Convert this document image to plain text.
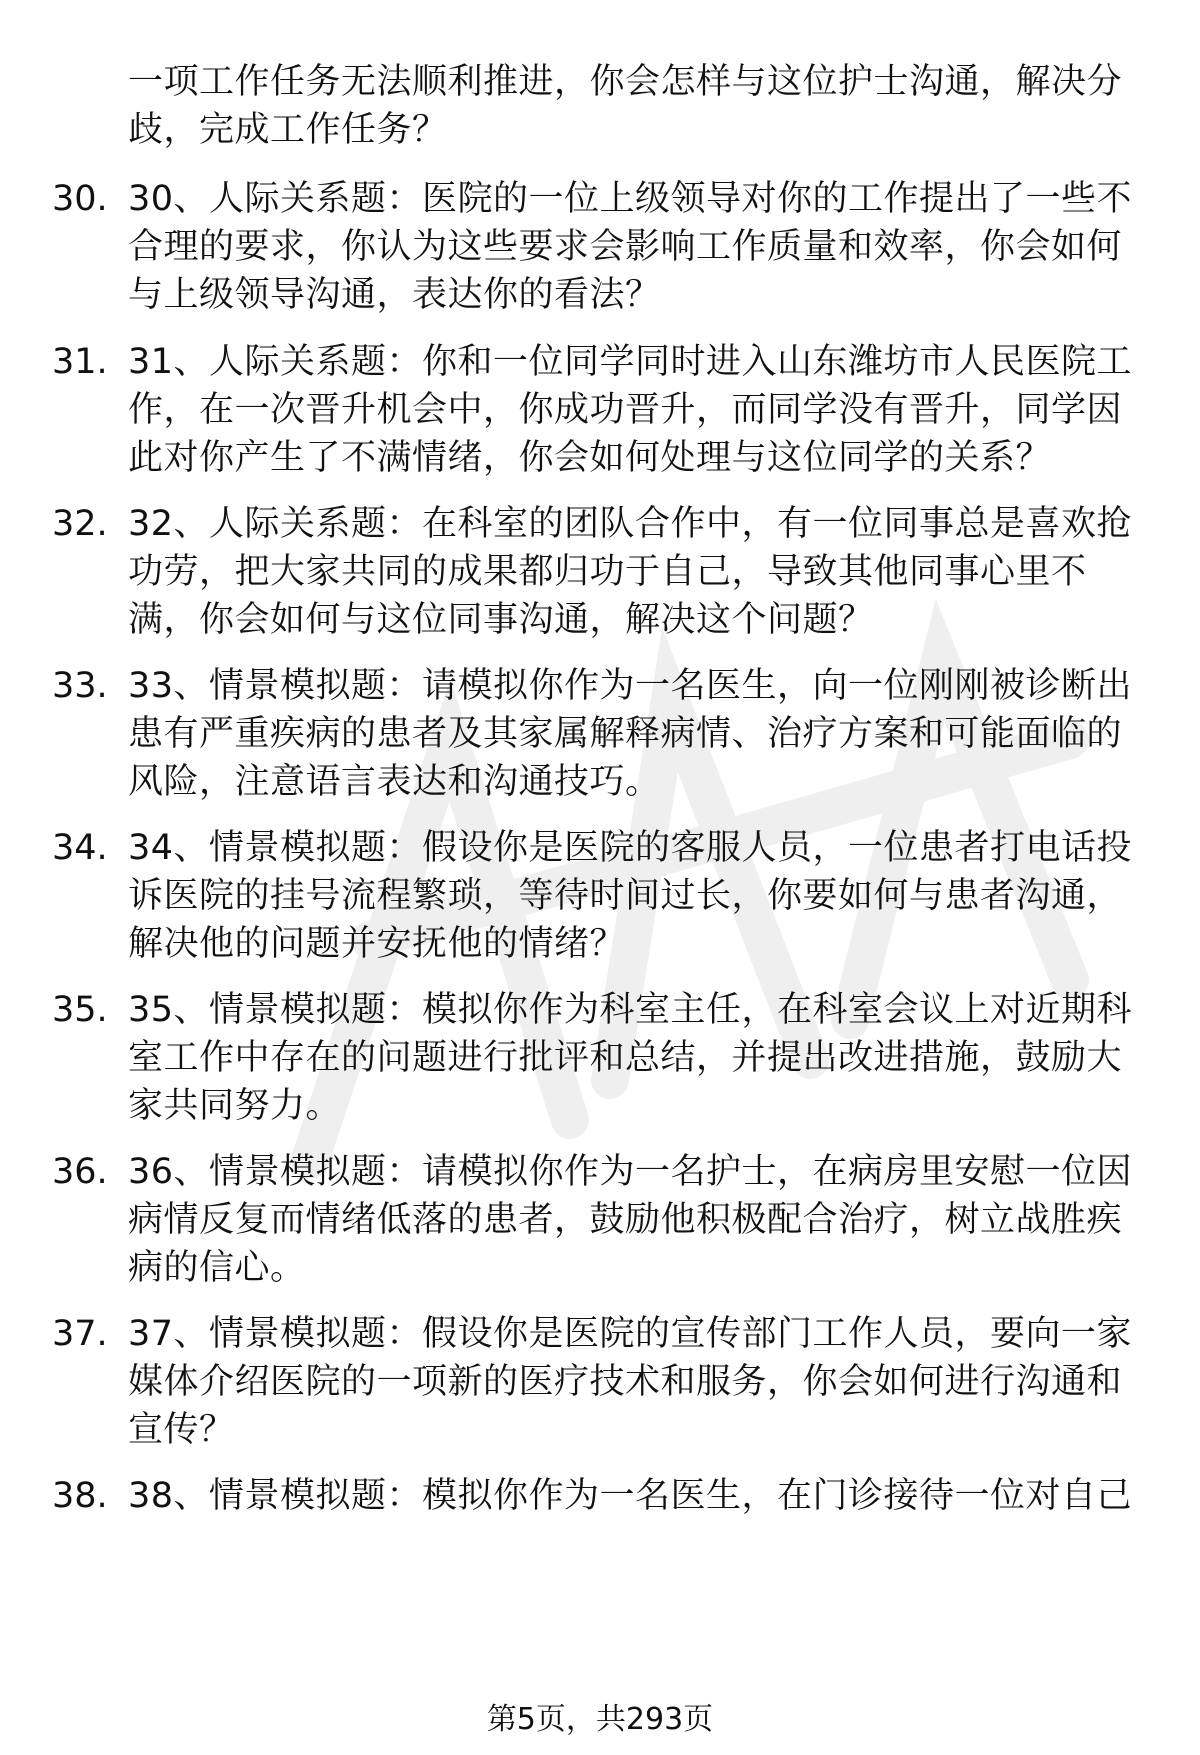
一项工作任务无法顺利推进，你会怎样与这位护士沟通，解决分歧，完成工作任务？
30. 30、人际关系题：医院的一位上级领导对你的工作提出了一些不合理的要求，你认为这些要求会影响工作质量和效率，你会如何与上级领导沟通，表达你的看法？
31. 31、人际关系题：你和一位同学同时进入山东潍坊市人民医院工作，在一次晋升机会中，你成功晋升，而同学没有晋升，同学因此对你产生了不满情绪，你会如何处理与这位同学的关系？
32. 32、人际关系题：在科室的团队合作中，有一位同事总是喜欢抢功劳，把大家共同的成果都归功于自己，导致其他同事心里不满，你会如何与这位同事沟通，解决这个问题？
33. 33、情景模拟题：请模拟你作为一名医生，向一位刚刚被诊断出患有严重疾病的患者及其家属解释病情、治疗方案和可能面临的风险，注意语言表达和沟通技巧。
34. 34、情景模拟题：假设你是医院的客服人员，一位患者打电话投诉医院的挂号流程繁琐，等待时间过长，你要如何与患者沟通，解决他的问题并安抚他的情绪？
35. 35、情景模拟题：模拟你作为科室主任，在科室会议上对近期科室工作中存在的问题进行批评和总结，并提出改进措施，鼓励大家共同努力。
36. 36、情景模拟题：请模拟你作为一名护士，在病房里安慰一位因病情反复而情绪低落的患者，鼓励他积极配合治疗，树立战胜疾病的信心。
37. 37、情景模拟题：假设你是医院的宣传部门工作人员，要向一家媒体介绍医院的一项新的医疗技术和服务，你会如何进行沟通和宣传？
38. 38、情景模拟题：模拟你作为一名医生，在门诊接待一位对自己
第5页，共293页
